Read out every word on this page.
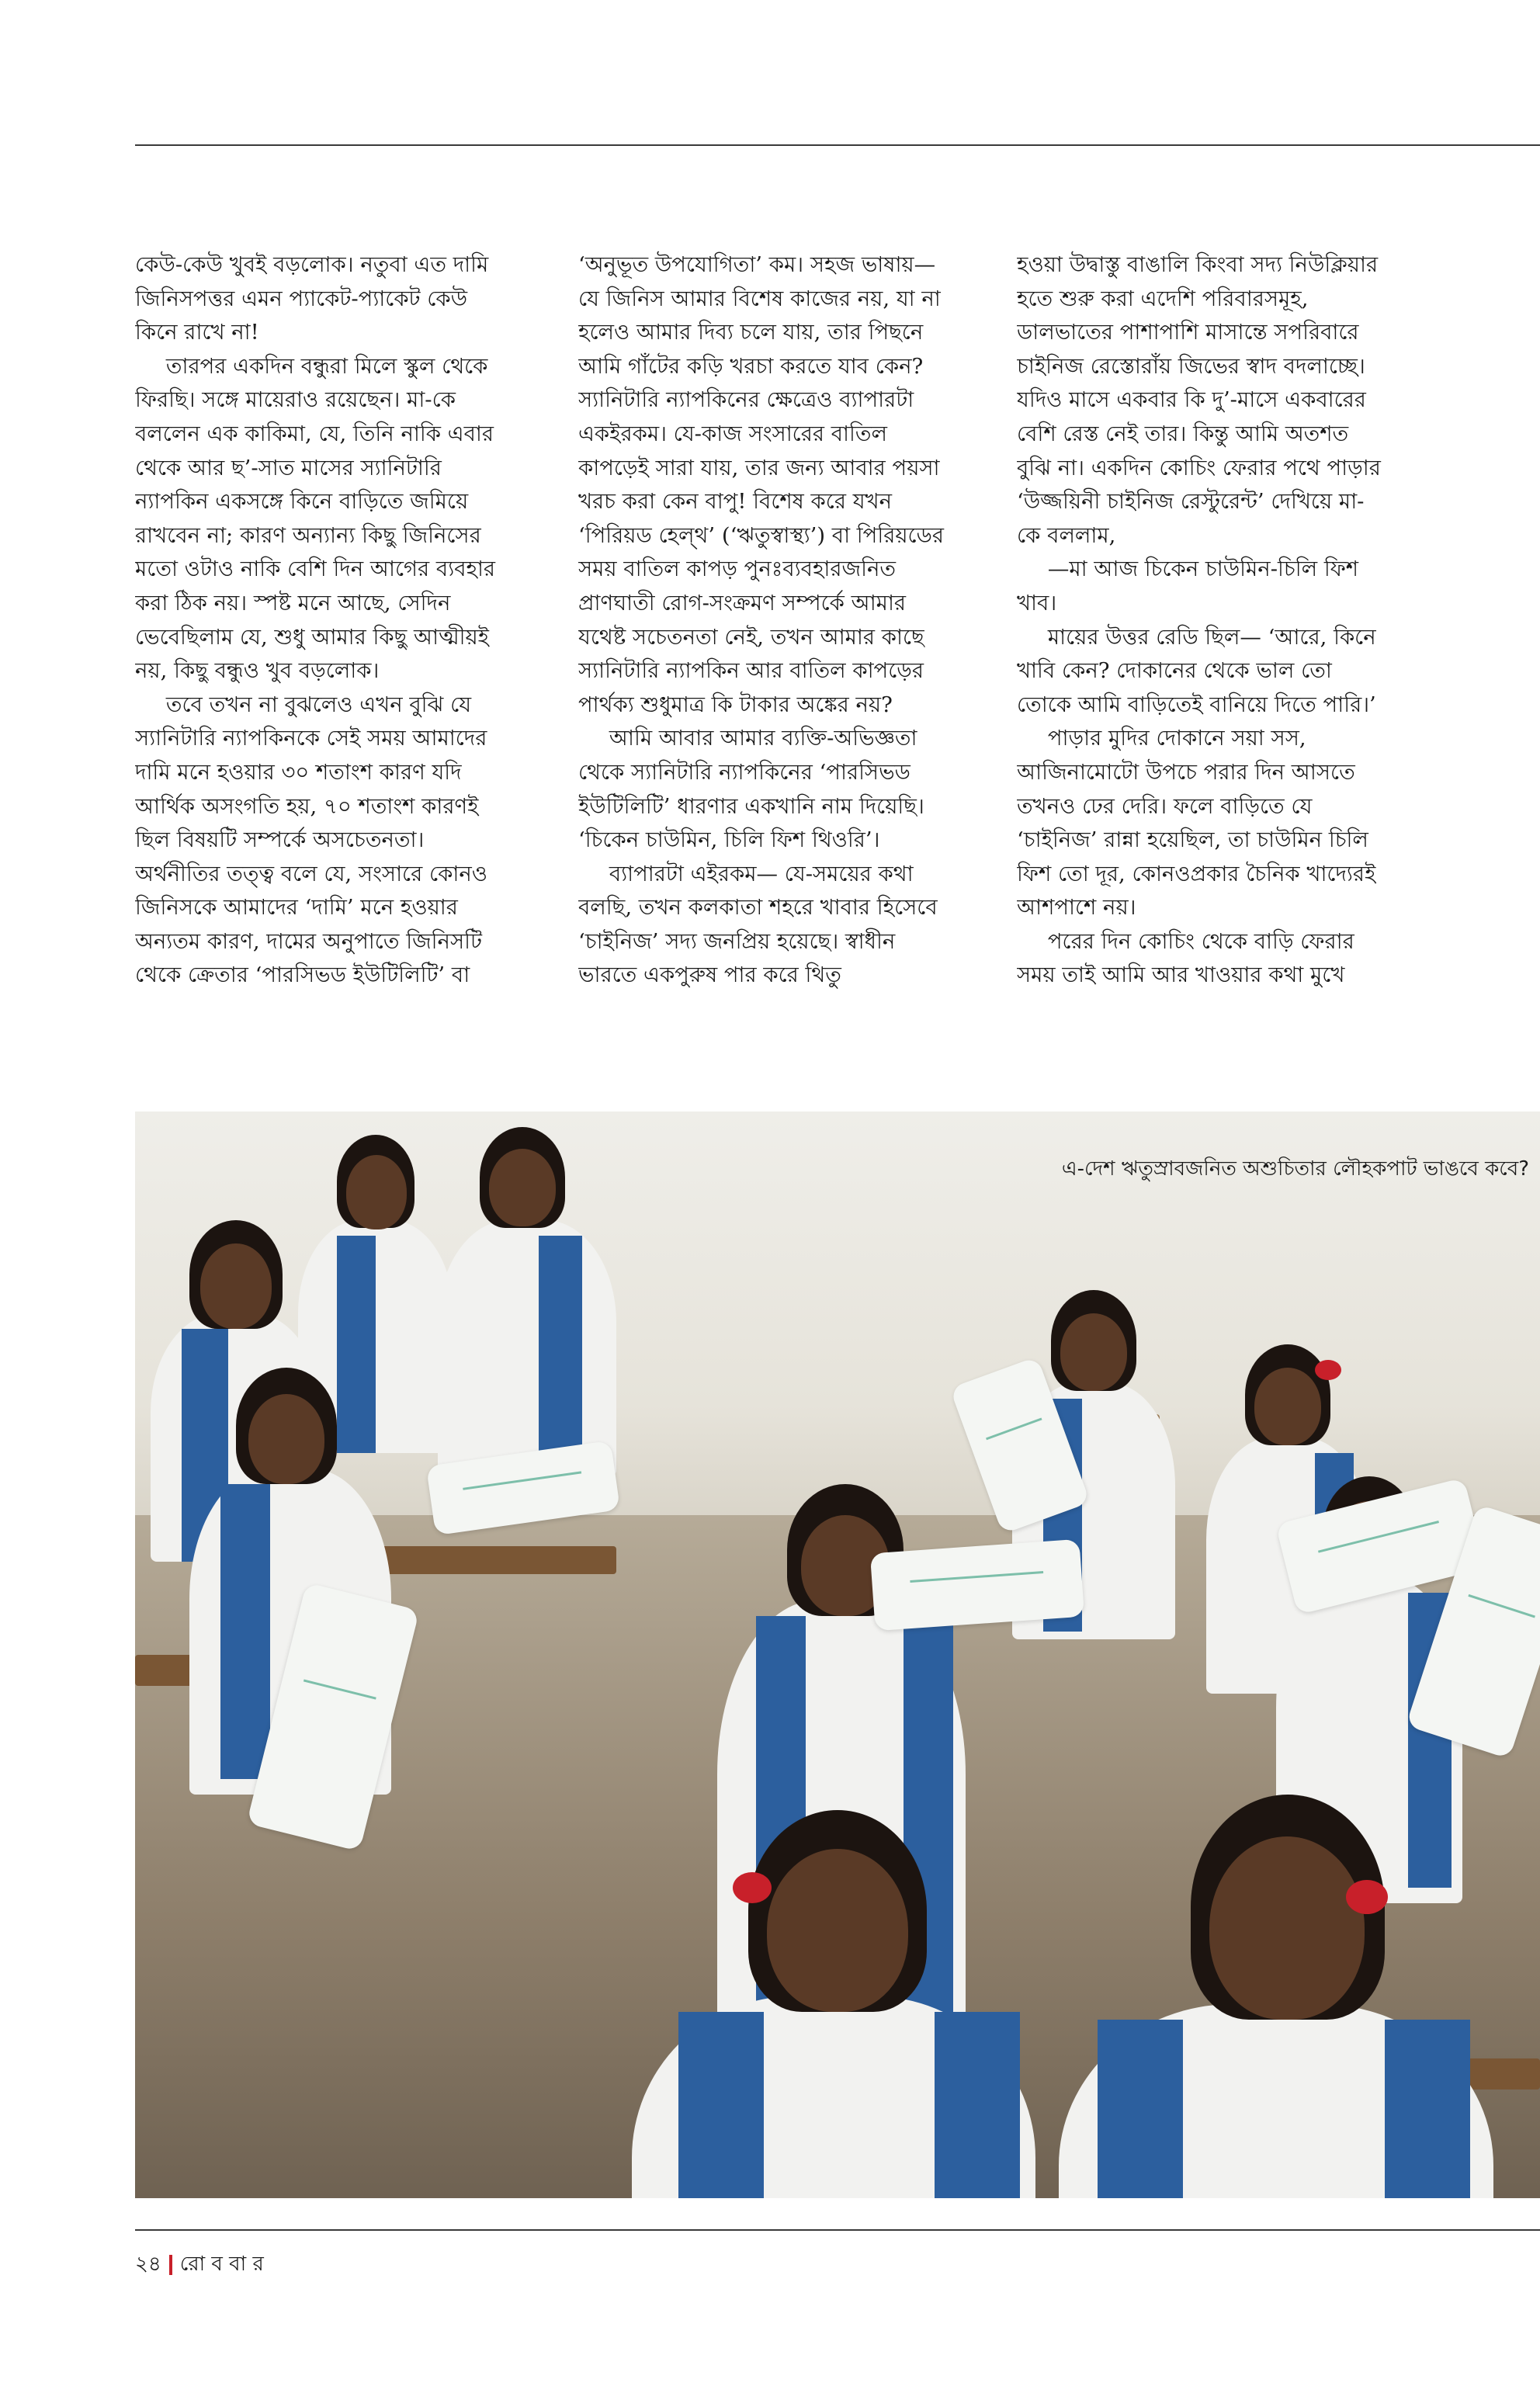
কেউ-কেউ খুবই বড়লোক। নতুবা এত দামি জিনিসপত্তর এমন প্যাকেট-প্যাকেট কেউ কিনে রাখে না!

তারপর একদিন বন্ধুরা মিলে স্কুল থেকে ফিরছি। সঙ্গে মায়েরাও রয়েছেন। মা-কে বললেন এক কাকিমা, যে, তিনি নাকি এবার থেকে আর ছ’-সাত মাসের স্যানিটারি ন্যাপকিন একসঙ্গে কিনে বাড়িতে জমিয়ে রাখবেন না; কারণ অন্যান্য কিছু জিনিসের মতো ওটাও নাকি বেশি দিন আগের ব্যবহার করা ঠিক নয়। স্পষ্ট মনে আছে, সেদিন ভেবেছিলাম যে, শুধু আমার কিছু আত্মীয়ই নয়, কিছু বন্ধুও খুব বড়লোক।

তবে তখন না বুঝলেও এখন বুঝি যে স্যানিটারি ন্যাপকিনকে সেই সময় আমাদের দামি মনে হওয়ার ৩০ শতাংশ কারণ যদি আর্থিক অসংগতি হয়, ৭০ শতাংশ কারণই ছিল বিষয়টি সম্পর্কে অসচেতনতা। অর্থনীতির তত্ত্ব বলে যে, সংসারে কোনও জিনিসকে আমাদের ‘দামি’ মনে হওয়ার অন্যতম কারণ, দামের অনুপাতে জিনিসটি থেকে ক্রেতার ‘পারসিভড ইউটিলিটি’ বা

‘অনুভূত উপযোগিতা’ কম। সহজ ভাষায়— যে জিনিস আমার বিশেষ কাজের নয়, যা না হলেও আমার দিব্য চলে যায়, তার পিছনে আমি গাঁটের কড়ি খরচা করতে যাব কেন? স্যানিটারি ন্যাপকিনের ক্ষেত্রেও ব্যাপারটা একইরকম। যে-কাজ সংসারের বাতিল কাপড়েই সারা যায়, তার জন্য আবার পয়সা খরচ করা কেন বাপু! বিশেষ করে যখন ‘পিরিয়ড হেল্থ’ (‘ঋতুস্বাস্থ্য’) বা পিরিয়ডের সময় বাতিল কাপড় পুনঃব্যবহারজনিত প্রাণঘাতী রোগ-সংক্রমণ সম্পর্কে আমার যথেষ্ট সচেতনতা নেই, তখন আমার কাছে স্যানিটারি ন্যাপকিন আর বাতিল কাপড়ের পার্থক্য শুধুমাত্র কি টাকার অঙ্কের নয়?

আমি আবার আমার ব্যক্তি-অভিজ্ঞতা থেকে স্যানিটারি ন্যাপকিনের ‘পারসিভড ইউটিলিটি’ ধারণার একখানি নাম দিয়েছি। ‘চিকেন চাউমিন, চিলি ফিশ থিওরি’।

ব্যাপারটা এইরকম— যে-সময়ের কথা বলছি, তখন কলকাতা শহরে খাবার হিসেবে ‘চাইনিজ’ সদ্য জনপ্রিয় হয়েছে। স্বাধীন ভারতে একপুরুষ পার করে থিতু

হওয়া উদ্বাস্তু বাঙালি কিংবা সদ্য নিউক্লিয়ার হতে শুরু করা এদেশি পরিবারসমূহ, ডালভাতের পাশাপাশি মাসান্তে সপরিবারে চাইনিজ রেস্তোরাঁয় জিভের স্বাদ বদলাচ্ছে। যদিও মাসে একবার কি দু’-মাসে একবারের বেশি রেস্ত নেই তার। কিন্তু আমি অতশত বুঝি না। একদিন কোচিং ফেরার পথে পাড়ার ‘উজ্জয়িনী চাইনিজ রেস্টুরেন্ট’ দেখিয়ে মা-কে বললাম,

—মা আজ চিকেন চাউমিন-চিলি ফিশ খাব।

মায়ের উত্তর রেডি ছিল— ‘আরে, কিনে খাবি কেন? দোকানের থেকে ভাল তো তোকে আমি বাড়িতেই বানিয়ে দিতে পারি।’

পাড়ার মুদির দোকানে সয়া সস, আজিনামোটো উপচে পরার দিন আসতে তখনও ঢের দেরি। ফলে বাড়িতে যে ‘চাইনিজ’ রান্না হয়েছিল, তা চাউমিন চিলি ফিশ তো দূর, কোনওপ্রকার চৈনিক খাদ্যেরই আশপাশে নয়।

পরের দিন কোচিং থেকে বাড়ি ফেরার সময় তাই আমি আর খাওয়ার কথা মুখে

এ-দেশ ঋতুস্রাবজনিত অশুচিতার লৌহকপাট ভাঙবে কবে?
২৪ রো ব বা র
